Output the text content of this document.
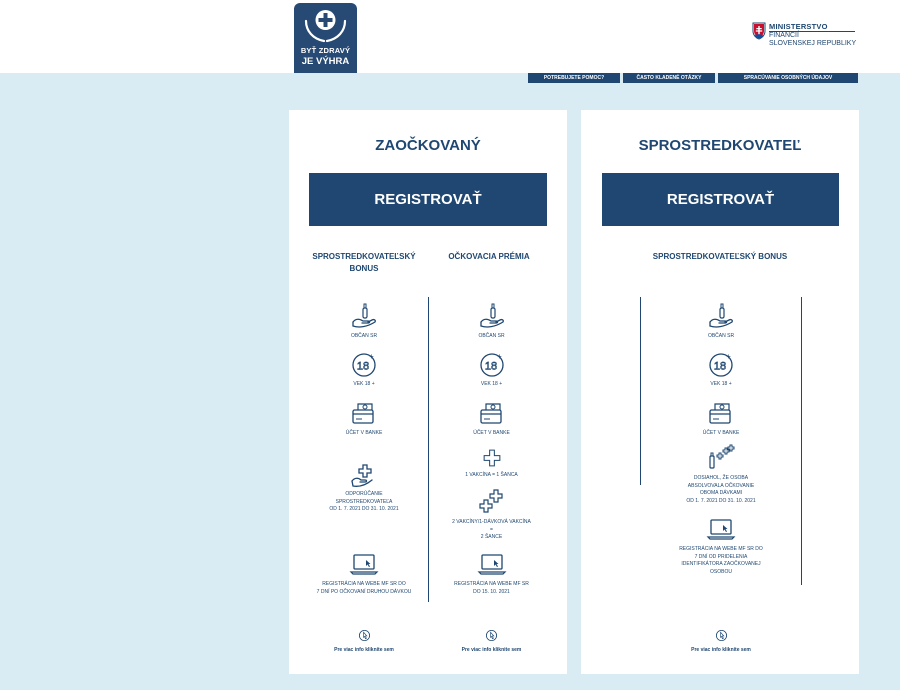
BYŤ ZDRAVÝ
JE VÝHRA
MINISTERSTVO
FINANCIÍ
SLOVENSKEJ REPUBLIKY
POTREBUJETE POMOC?	ČASTO KLADENÉ OTÁZKY	SPRACÚVANIE OSOBNÝCH ÚDAJOV
ZAOČKOVANÝ
REGISTROVAŤ
SPROSTREDKOVATEĽSKÝ
BONUS
OČKOVACIA PRÉMIA
OBČAN SR
VEK 18 +
ÚČET V BANKE
ODPORÚČANIE
SPROSTREDKOVATEĽA
OD 1. 7. 2021 DO 31. 10. 2021
REGISTRÁCIA NA WEBE MF SR DO
7 DNÍ PO OČKOVANÍ DRUHOU DÁVKOU
OBČAN SR
VEK 18 +
ÚČET V BANKE
1 VAKCÍNA = 1 ŠANCA
2 VAKCÍNY/1-DÁVKOVÁ VAKCÍNA
=
2 ŠANCE
REGISTRÁCIA NA WEBE MF SR
DO 15. 10. 2021
Pre viac info kliknite sem	Pre viac info kliknite sem
SPROSTREDKOVATEĽ
REGISTROVAŤ
SPROSTREDKOVATEĽSKÝ BONUS
OBČAN SR
VEK 18 +
ÚČET V BANKE
DOSIAHOL, ŽE OSOBA
ABSOLVOVALA OČKOVANIE
OBOMA DÁVKAMI
OD 1. 7. 2021 DO 31. 10. 2021
REGISTRÁCIA NA WEBE MF SR DO
7 DNÍ OD PRIDELENIA
IDENTIFIKÁTORA ZAOČKOVANEJ
OSOBOU
Pre viac info kliknite sem
